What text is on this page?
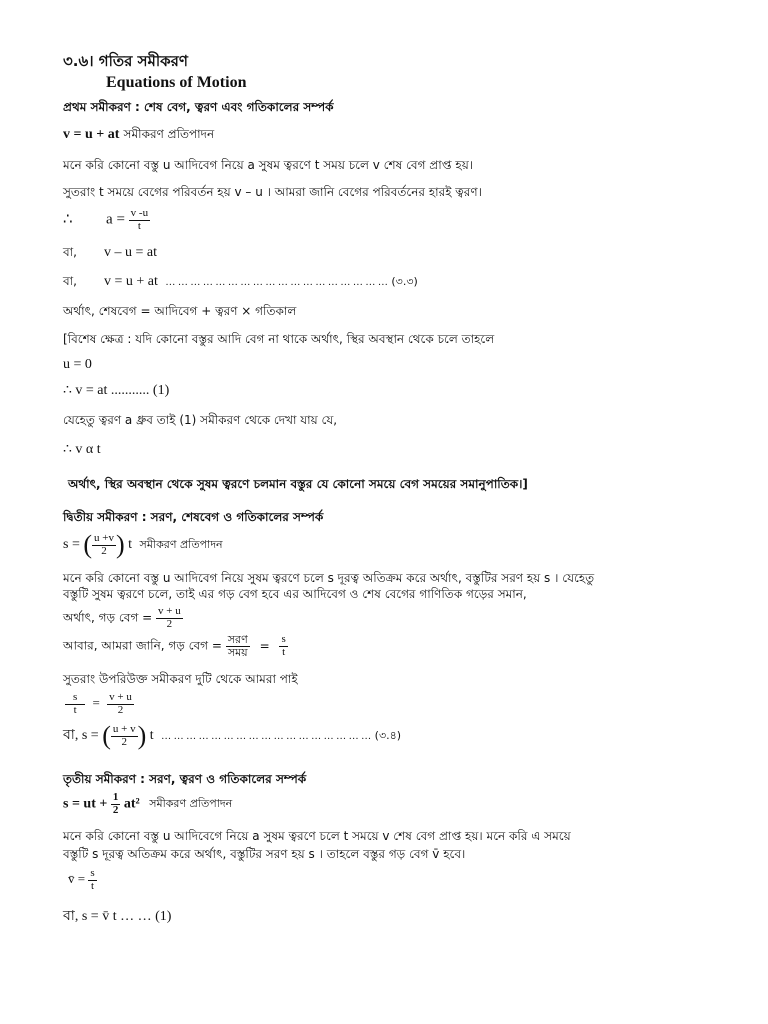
৩.৬। গতির সমীকরণ
Equations of Motion
প্রথম সমীকরণ : শেষ বেগ, ত্বরণ এবং গতিকালের সম্পর্ক
v = u + at সমীকরণ প্রতিপাদন
মনে করি কোনো বস্তু u আদিবেগ নিয়ে a সুষম ত্বরণে t সময় চলে v শেষ বেগ প্রাপ্ত হয়।
সুতরাং t সময়ে বেগের পরিবর্তন হয় v – u । আমরা জানি বেগের পরিবর্তনের হারই ত্বরণ।
∴ $a = \frac{v -u}{t}$
বা, v – u = at
বা, v = u + at … … … … … … … … … … … … … … … … … … (৩.৩)
অর্থাৎ, শেষবেগ = আদিবেগ + ত্বরণ × গতিকাল
[বিশেষ ক্ষেত্র : যদি কোনো বস্তুর আদি বেগ না থাকে অর্থাৎ, স্থির অবস্থান থেকে চলে তাহলে
u = 0
∴ v = at ........... (1)
যেহেতু ত্বরণ a ধ্রুব তাই (1) সমীকরণ থেকে দেখা যায় যে,
∴ v α t
অর্থাৎ, স্থির অবস্থান থেকে সুষম ত্বরণে চলমান বস্তুর যে কোনো সময়ে বেগ সময়ের সমানুপাতিক।]
দ্বিতীয় সমীকরণ : সরণ, শেষবেগ ও গতিকালের সম্পর্ক
s = ( $\frac{u +v}{2}$ ) t সমীকরণ প্রতিপাদন
মনে করি কোনো বস্তু u আদিবেগ নিয়ে সুষম ত্বরণে চলে s দূরত্ব অতিক্রম করে অর্থাৎ, বস্তুটির সরণ হয় s । যেহেতু
বস্তুটি সুষম ত্বরণে চলে, তাই এর গড় বেগ হবে এর আদিবেগ ও শেষ বেগের গাণিতিক গড়ের সমান,
অর্থাৎ, গড় বেগ = $\frac{v + u}{2}$
আবার, আমরা জানি, গড় বেগ = $\frac{\text{সরণ}}{\text{সময়}} = \frac{s}{t}$
সুতরাং উপরিউক্ত সমীকরণ দুটি থেকে আমরা পাই
$\frac{s}{t} = \frac{v + u}{2}$
বা, s = ( $\frac{u + v}{2}$ ) t … … … … … … … … … … … … … … … … … (৩.৪)
তৃতীয় সমীকরণ : সরণ, ত্বরণ ও গতিকালের সম্পর্ক
s = ut + $\frac{1}{2} at^2$ সমীকরণ প্রতিপাদন
মনে করি কোনো বস্তু u আদিবেগে নিয়ে a সুষম ত্বরণে চলে t সময়ে v শেষ বেগ প্রাপ্ত হয়। মনে করি এ সময়ে
বস্তুটি s দূরত্ব অতিক্রম করে অর্থাৎ, বস্তুটির সরণ হয় s । তাহলে বস্তুর গড় বেগ v̄ হবে।
v̄ = $\frac{s}{t}$
বা, s = v̄ t … … (1)
